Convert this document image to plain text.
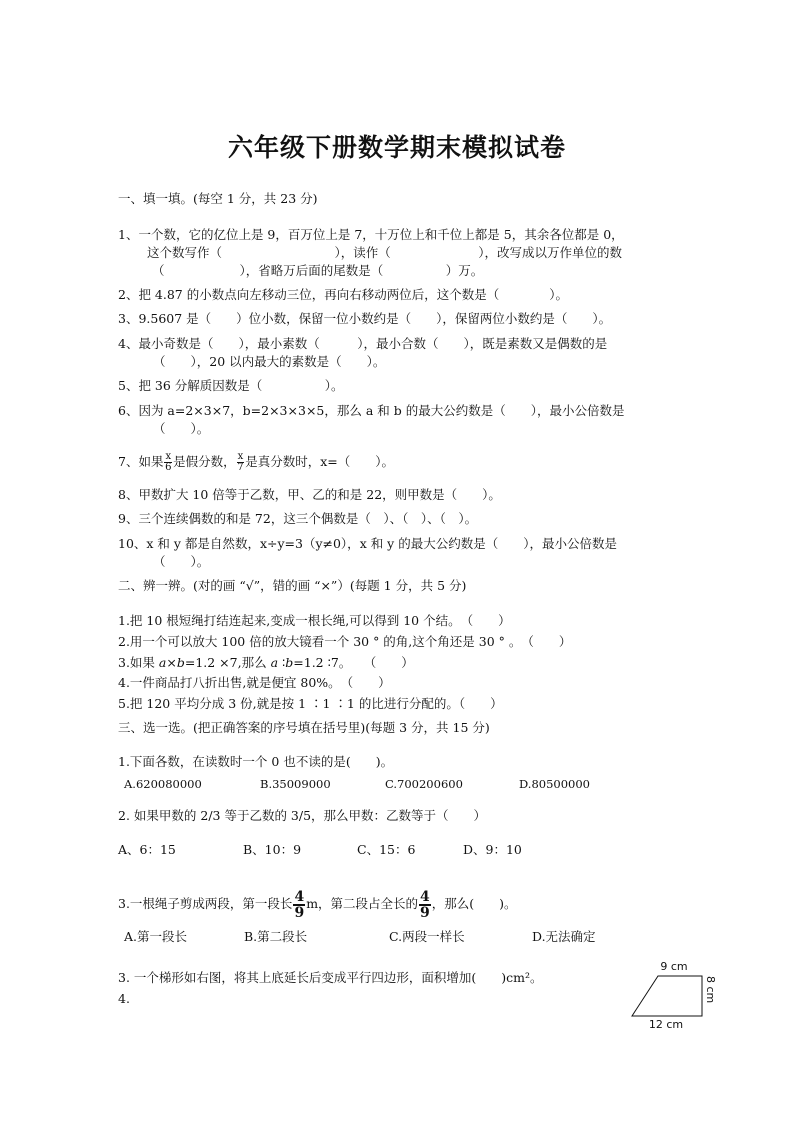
六年级下册数学期末模拟试卷
一、填一填。(每空 1 分，共 23 分)
1、一个数，它的亿位上是 9，百万位上是 7，十万位上和千位上都是 5，其余各位都是 0，
这个数写作（　　　　　　　　　），读作（　　　　　　　），改写成以万作单位的数
（　　　　　　），省略万后面的尾数是（　　　　　）万。
2、把 4.87 的小数点向左移动三位，再向右移动两位后，这个数是（　　　　）。
3、9.5607 是（　　）位小数，保留一位小数约是（　　），保留两位小数约是（　　）。
4、最小奇数是（　　），最小素数（　　　），最小合数（　　），既是素数又是偶数的是
（　　），20 以内最大的素数是（　　）。
5、把 36 分解质因数是（　　　　　）。
6、因为 a=2×3×7，b=2×3×3×5，那么 a 和 b 的最大公约数是（　　），最小公倍数是
（　　）。
7、如果 $\frac{x}{6}$ 是假分数， $\frac{x}{7}$ 是真分数时，x=（　　）。
8、甲数扩大 10 倍等于乙数，甲、乙的和是 22，则甲数是（　　）。
9、三个连续偶数的和是 72，这三个偶数是（　）、（　）、（　）。
10、x 和 y 都是自然数，x÷y=3（y≠0），x 和 y 的最大公约数是（　　），最小公倍数是
（　　）。
二、辨一辨。(对的画 “√”，错的画 “×”）(每题 1 分，共 5 分)
1.把 10 根短绳打结连起来,变成一根长绳,可以得到 10 个结。　（　　）
2.用一个可以放大 100 倍的放大镜看一个 30 ° 的角,这个角还是 30 ° 。　（　　）
3.如果 a×b=1.2 ×7,那么 a ∶b=1.2 ∶7。　　（　　）
4.一件商品打八折出售,就是便宜 80%。　（　　）
5.把 120 平均分成 3 份,就是按 1 ∶1 ∶1 的比进行分配的。（　　）
三、选一选。(把正确答案的序号填在括号里)(每题 3 分，共 15 分)
1.下面各数，在读数时一个 0 也不读的是(　　)。
A.620080000	B.35009000	C.700200600	D.80500000
2. 如果甲数的 2/3 等于乙数的 3/5，那么甲数：乙数等于（　　）
A、6：15	B、10：9	C、15：6	D、9：10
3.一根绳子剪成两段，第一段长 $\frac{4}{9}$ m，第二段占全长的 $\frac{4}{9}$ ，那么(　　)。
A.第一段长	B.第二段长	C.两段一样长	D.无法确定
3. 一个梯形如右图，将其上底延长后变成平行四边形，面积增加(　　)cm²。
4.
9 cm
12 cm
8 cm
